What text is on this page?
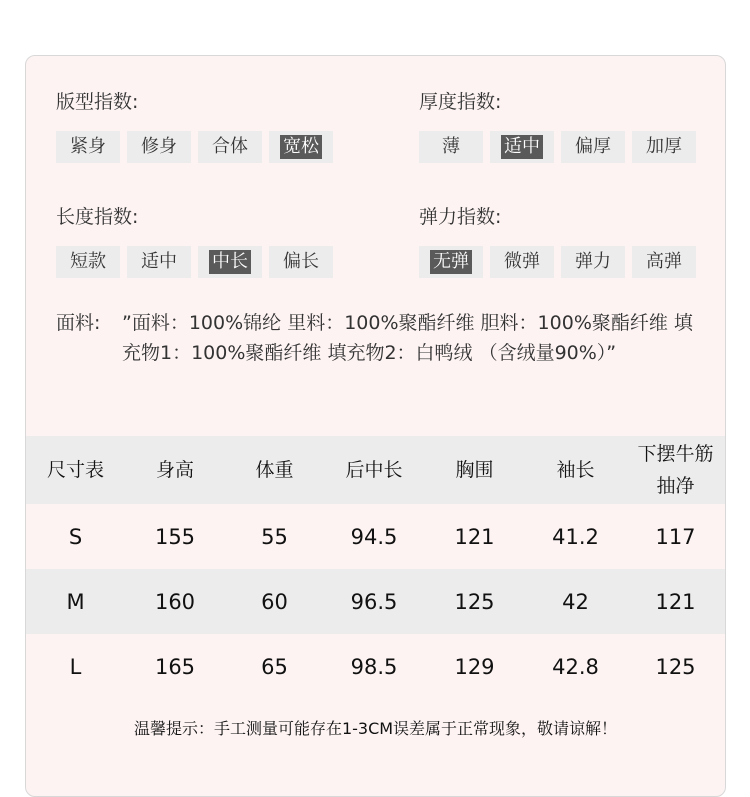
版型指数:
紧身	修身	合体	宽松
厚度指数:
薄	适中	偏厚	加厚
长度指数:
短款	适中	中长	偏长
弹力指数:
无弹	微弹	弹力	高弹
面料:	”面料：100%锦纶 里料：100%聚酯纤维 胆料：100%聚酯纤维 填充物1：100%聚酯纤维 填充物2：白鸭绒 （含绒量90%）”
尺寸表	身高	体重	后中长	胸围	袖长	下摆牛筋抽净
S	155	55	94.5	121	41.2	117
M	160	60	96.5	125	42	121
L	165	65	98.5	129	42.8	125
温馨提示：手工测量可能存在1-3CM误差属于正常现象，敬请谅解！
